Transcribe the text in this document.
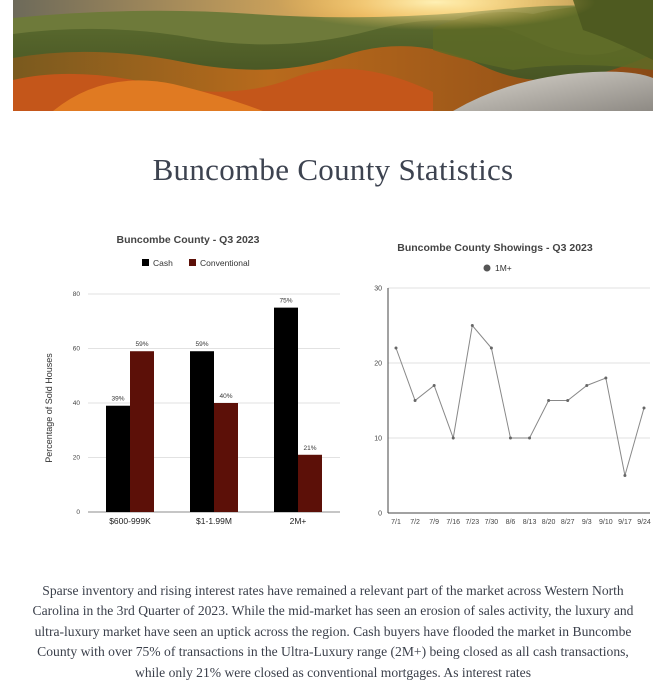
Buncombe County Statistics
Buncombe County - Q3 2023
Cash	Conventional
0
20
40
60
80
39%
59%	59%
40%
75%
21%
$600-999K	$1-1.99M	2M+
Percentage of Sold Houses
Buncombe County Showings - Q3 2023
1M+
0
10
20
30
7/1 7/2 7/9 7/16 7/23 7/30 8/6 8/13 8/20 8/27 9/3 9/10 9/17 9/24

Sparse inventory and rising interest rates have remained a relevant part of the market across Western North Carolina in the 3rd Quarter of 2023. While the mid-market has seen an erosion of sales activity, the luxury and ultra-luxury market have seen an uptick across the region. Cash buyers have flooded the market in Buncombe County with over 75% of transactions in the Ultra-Luxury range (2M+) being closed as all cash transactions, while only 21% were closed as conventional mortgages. As interest rates
